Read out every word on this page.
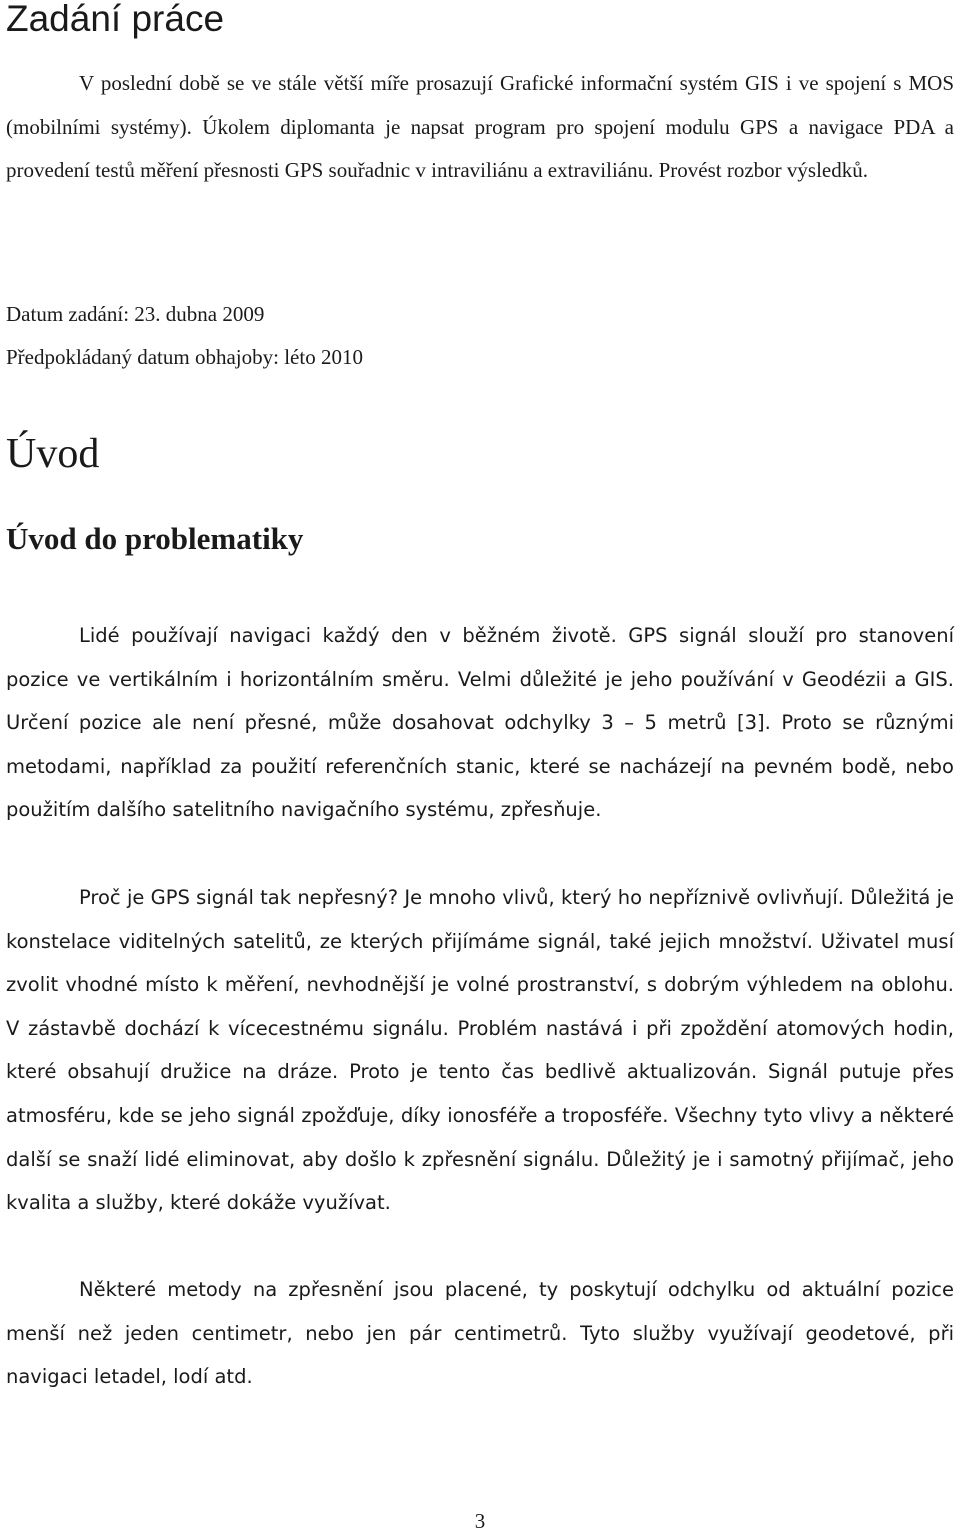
Zadání práce

V poslední době se ve stále větší míře prosazují Grafické informační systém GIS i ve spojení s MOS (mobilními systémy). Úkolem diplomanta je napsat program pro spojení modulu GPS a navigace PDA a provedení testů měření přesnosti GPS souřadnic v intraviliánu a extraviliánu. Provést rozbor výsledků.

Datum zadání: 23. dubna 2009

Předpokládaný datum obhajoby: léto 2010

Úvod
Úvod do problematiky

Lidé používají navigaci každý den v běžném životě. GPS signál slouží pro stanovení pozice ve vertikálním i horizontálním směru. Velmi důležité je jeho používání v Geodézii a GIS. Určení pozice ale není přesné, může dosahovat odchylky 3 – 5 metrů [3]. Proto se různými metodami, například za použití referenčních stanic, které se nacházejí na pevném bodě, nebo použitím dalšího satelitního navigačního systému, zpřesňuje.

Proč je GPS signál tak nepřesný? Je mnoho vlivů, který ho nepříznivě ovlivňují. Důležitá je konstelace viditelných satelitů, ze kterých přijímáme signál, také jejich množství. Uživatel musí zvolit vhodné místo k měření, nevhodnější je volné prostranství, s dobrým výhledem na oblohu. V zástavbě dochází k vícecestnému signálu. Problém nastává i při zpoždění atomových hodin, které obsahují družice na dráze. Proto je tento čas bedlivě aktualizován. Signál putuje přes atmosféru, kde se jeho signál zpožďuje, díky ionosféře a troposféře. Všechny tyto vlivy a některé další se snaží lidé eliminovat, aby došlo k zpřesnění signálu. Důležitý je i samotný přijímač, jeho kvalita a služby, které dokáže využívat.

Některé metody na zpřesnění jsou placené, ty poskytují odchylku od aktuální pozice menší než jeden centimetr, nebo jen pár centimetrů. Tyto služby využívají geodetové, při navigaci letadel, lodí atd.

3
